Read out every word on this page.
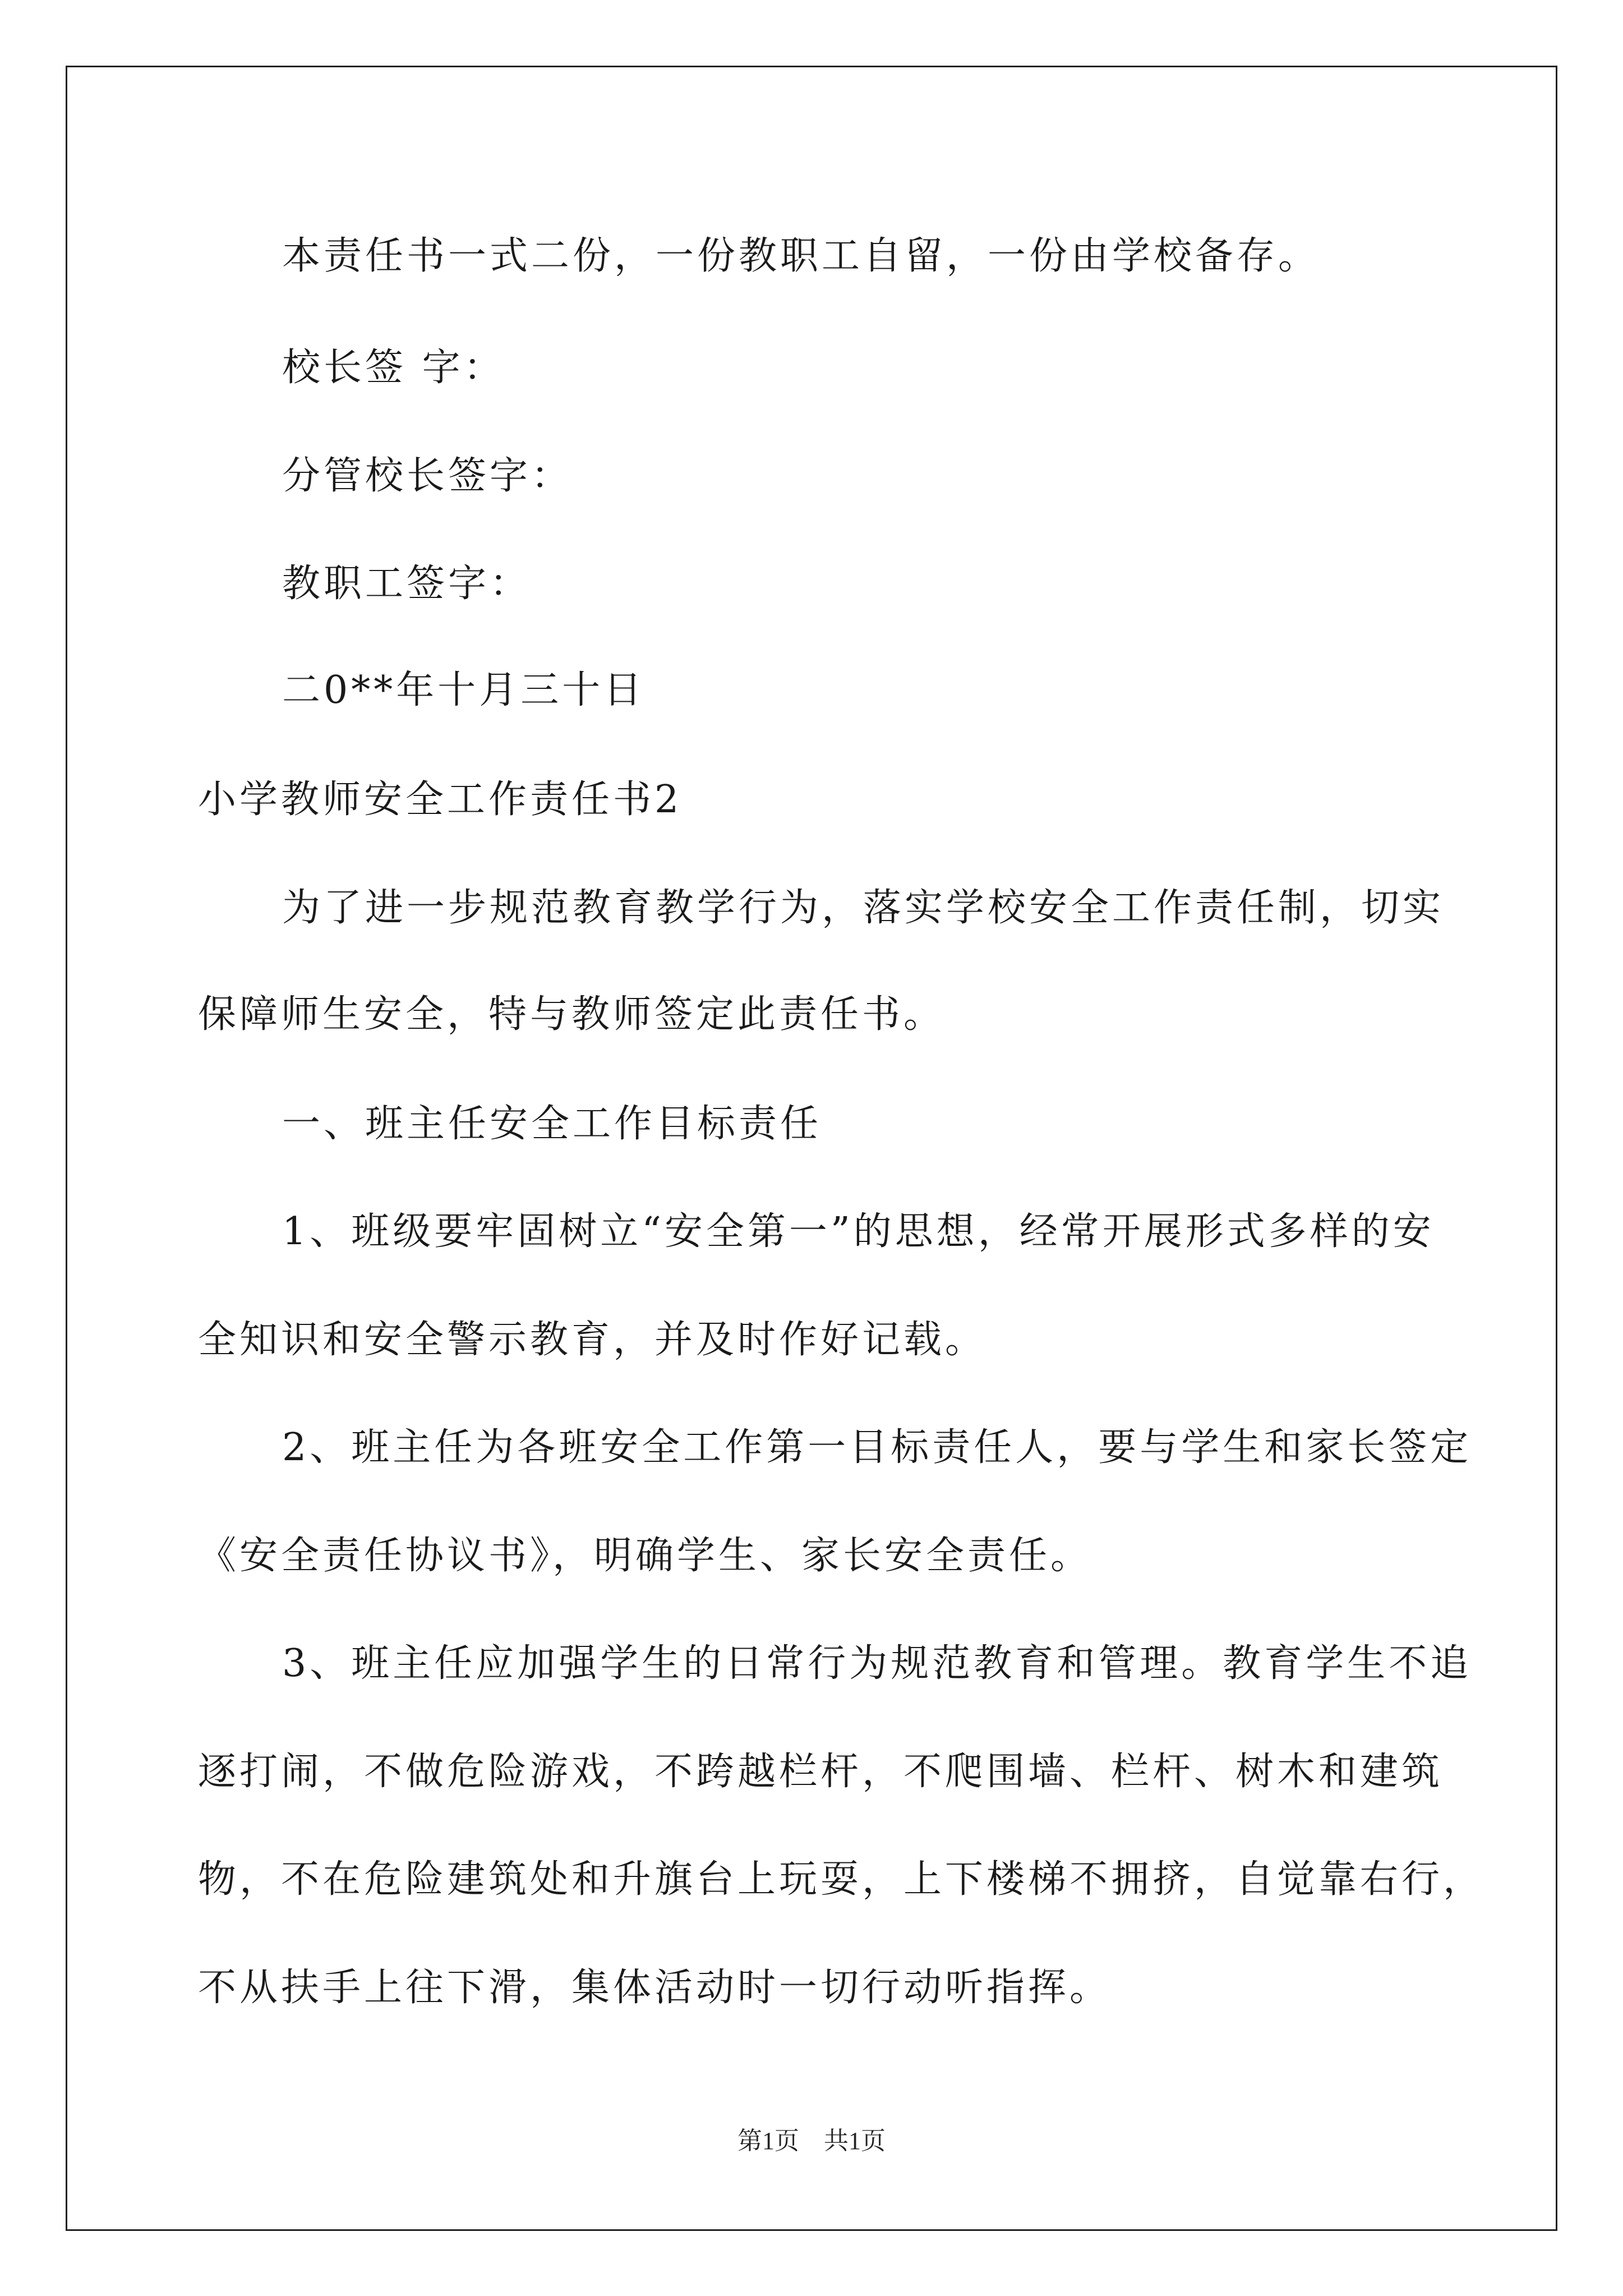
本责任书一式二份，一份教职工自留，一份由学校备存。
校长签 字：
分管校长签字：
教职工签字：
二0**年十月三十日
小学教师安全工作责任书2
为了进一步规范教育教学行为，落实学校安全工作责任制，切实
保障师生安全，特与教师签定此责任书。
一、班主任安全工作目标责任
1、班级要牢固树立“安全第一”的思想，经常开展形式多样的安
全知识和安全警示教育，并及时作好记载。
2、班主任为各班安全工作第一目标责任人，要与学生和家长签定
《安全责任协议书》，明确学生、家长安全责任。
3、班主任应加强学生的日常行为规范教育和管理。教育学生不追
逐打闹，不做危险游戏，不跨越栏杆，不爬围墙、栏杆、树木和建筑
物，不在危险建筑处和升旗台上玩耍，上下楼梯不拥挤，自觉靠右行，
不从扶手上往下滑，集体活动时一切行动听指挥。
第1页　共1页
